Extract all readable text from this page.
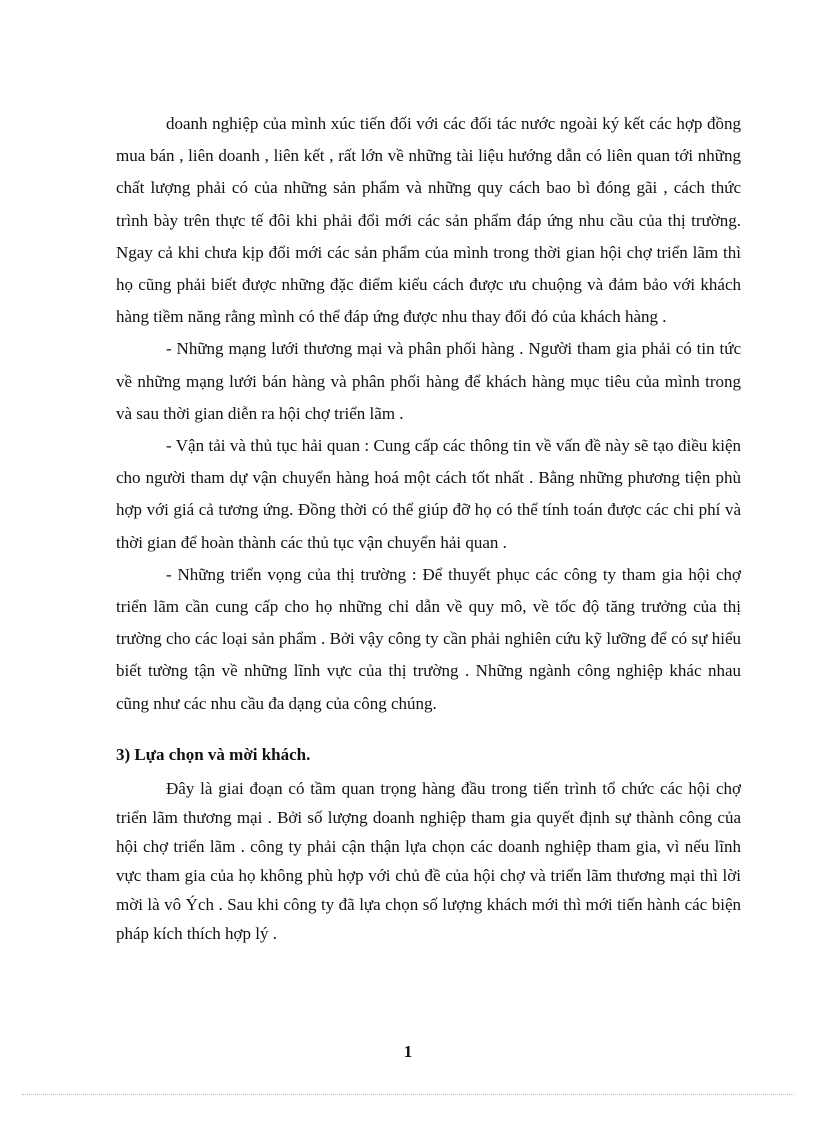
doanh nghiệp của mình xúc tiến đối với các đối tác nước ngoài ký kết các hợp đồng mua bán , liên doanh , liên kết , rất lớn về những tài liệu hướng dẫn có liên quan tới những chất lượng phải có của những sản phẩm và những quy cách bao bì đóng gãi , cách thức trình bày trên thực tế đôi khi phải đổi mới các sản phẩm đáp ứng nhu cầu của thị trường. Ngay cả khi chưa kịp đổi mới các sản phẩm của mình trong thời gian hội chợ triển lãm thì họ cũng phải biết được những đặc điểm kiểu cách được ưu chuộng và đảm bảo với khách hàng tiềm năng rằng mình có thể đáp ứng được nhu thay đổi đó của khách hàng .

- Những mạng lưới thương mại và phân phối hàng . Người tham gia phải có tin tức về những mạng lưới bán hàng và phân phối hàng để khách hàng mục tiêu của mình trong và sau thời gian diễn ra hội chợ triển lãm .

- Vận tải và thủ tục hải quan : Cung cấp các thông tin về vấn đề này sẽ tạo điều kiện cho người tham dự vận chuyển hàng hoá một cách tốt nhất . Bằng những phương tiện phù hợp với giá cả tương ứng. Đồng thời có thể giúp đỡ họ có thể tính toán được các chi phí và thời gian để hoàn thành các thủ tục vận chuyển hải quan .

- Những triển vọng của thị trường : Để thuyết phục các công ty tham gia hội chợ triển lãm cần cung cấp cho họ những chỉ dẫn về quy mô, về tốc độ tăng trưởng của thị trường cho các loại sản phẩm . Bởi vậy công ty cần phải nghiên cứu kỹ lưỡng để có sự hiểu biết tường tận về những lĩnh vực của thị trường . Những ngành công nghiệp khác nhau cũng như các nhu cầu đa dạng của công chúng.

3) Lựa chọn và mời khách.

Đây là giai đoạn có tầm quan trọng hàng đầu trong tiến trình tổ chức các hội chợ triển lãm thương mại . Bởi số lượng doanh nghiệp tham gia quyết định sự thành công của hội chợ triển lãm . công ty phải cận thận lựa chọn các doanh nghiệp tham gia, vì nếu lĩnh vực tham gia của họ không phù hợp với chủ đề của hội chợ và triển lãm thương mại thì lời mời là vô Ých . Sau khi công ty đã lựa chọn số lượng khách mới thì mới tiến hành các biện pháp kích thích hợp lý .

1
